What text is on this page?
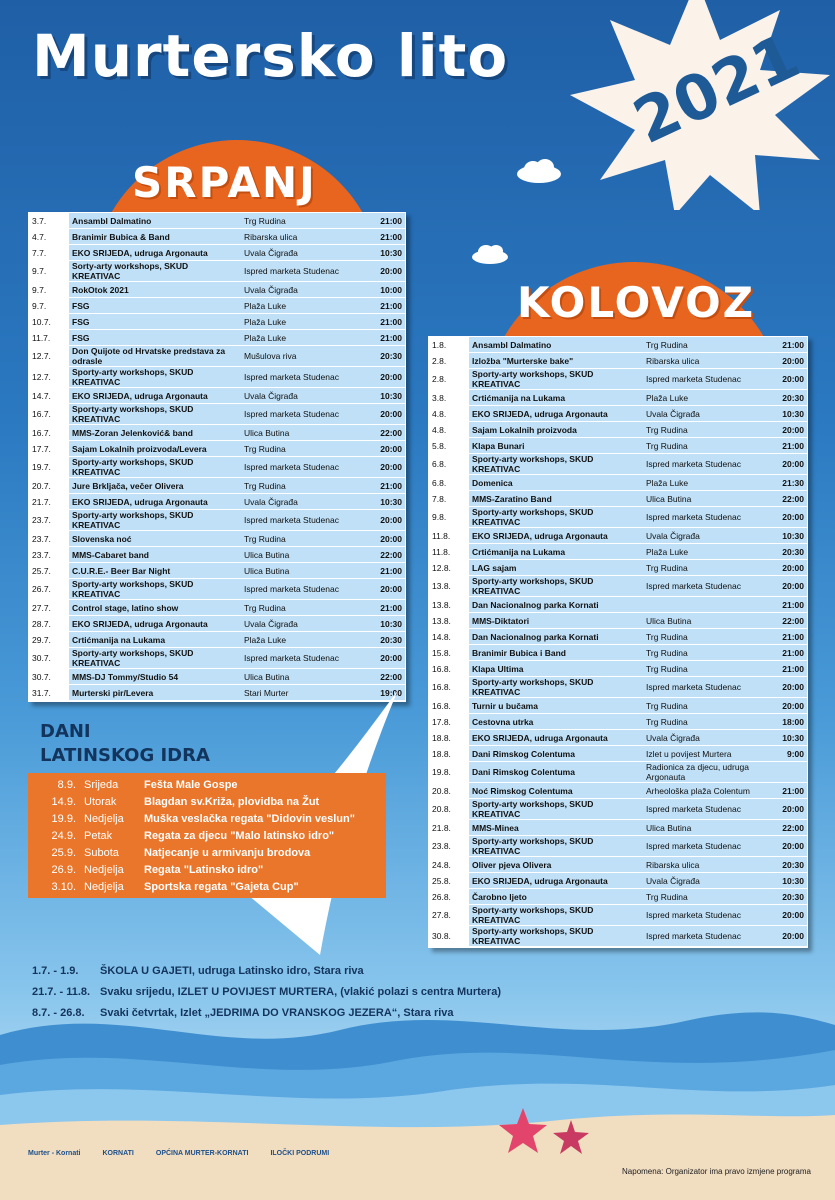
2021
Murtersko lito
SRPANJ
3.7.	Ansambl Dalmatino	Trg Rudina	21:00
4.7.	Branimir Bubica & Band	Ribarska ulica	21:00
7.7.	EKO SRIJEDA, udruga Argonauta	Uvala Čigrađa	10:30
9.7.	Sorty-arty workshops, SKUD KREATIVAC	Ispred marketa Studenac	20:00
9.7.	RokOtok 2021	Uvala Čigrađa	10:00
9.7.	FSG	Plaža Luke	21:00
10.7.	FSG	Plaža Luke	21:00
11.7.	FSG	Plaža Luke	21:00
12.7.	Don Quijote od Hrvatske predstava za odrasle	Mušulova riva	20:30
12.7.	Sporty-arty workshops, SKUD KREATIVAC	Ispred marketa Studenac	20:00
14.7.	EKO SRIJEDA, udruga Argonauta	Uvala Čigrađa	10:30
16.7.	Sporty-arty workshops, SKUD KREATIVAC	Ispred marketa Studenac	20:00
16.7.	MMS-Zoran Jelenković& band	Ulica Butina	22:00
17.7.	Sajam Lokalnih proizvoda/Levera	Trg Rudina	20:00
19.7.	Sporty-arty workshops, SKUD KREATIVAC	Ispred marketa Studenac	20:00
20.7.	Jure Brkljača, večer Olivera	Trg Rudina	21:00
21.7.	EKO SRIJEDA, udruga Argonauta	Uvala Čigrađa	10:30
23.7.	Sporty-arty workshops, SKUD KREATIVAC	Ispred marketa Studenac	20:00
23.7.	Slovenska noć	Trg Rudina	20:00
23.7.	MMS-Cabaret band	Ulica Butina	22:00
25.7.	C.U.R.E.- Beer Bar Night	Ulica Butina	21:00
26.7.	Sporty-arty workshops, SKUD KREATIVAC	Ispred marketa Studenac	20:00
27.7.	Control stage, latino show	Trg Rudina	21:00
28.7.	EKO SRIJEDA, udruga Argonauta	Uvala Čigrađa	10:30
29.7.	Crtićmanija na Lukama	Plaža Luke	20:30
30.7.	Sporty-arty workshops, SKUD KREATIVAC	Ispred marketa Studenac	20:00
30.7.	MMS-DJ Tommy/Studio 54	Ulica Butina	22:00
31.7.	Murterski pir/Levera	Stari Murter	19:00
KOLOVOZ
1.8.	Ansambl Dalmatino	Trg Rudina	21:00
2.8.	Izložba "Murterske bake"	Ribarska ulica	20:00
2.8.	Sporty-arty workshops, SKUD KREATIVAC	Ispred marketa Studenac	20:00
3.8.	Crtićmanija na Lukama	Plaža Luke	20:30
4.8.	EKO SRIJEDA, udruga Argonauta	Uvala Čigrađa	10:30
4.8.	Sajam Lokalnih proizvoda	Trg Rudina	20:00
5.8.	Klapa Bunari	Trg Rudina	21:00
6.8.	Sporty-arty workshops, SKUD KREATIVAC	Ispred marketa Studenac	20:00
6.8.	Domenica	Plaža Luke	21:30
7.8.	MMS-Zaratino Band	Ulica Butina	22:00
9.8.	Sporty-arty workshops, SKUD KREATIVAC	Ispred marketa Studenac	20:00
11.8.	EKO SRIJEDA, udruga Argonauta	Uvala Čigrađa	10:30
11.8.	Crtićmanija na Lukama	Plaža Luke	20:30
12.8.	LAG sajam	Trg Rudina	20:00
13.8.	Sporty-arty workshops, SKUD KREATIVAC	Ispred marketa Studenac	20:00
13.8.	Dan Nacionalnog parka Kornati		21:00
13.8.	MMS-Diktatori	Ulica Butina	22:00
14.8.	Dan Nacionalnog parka Kornati	Trg Rudina	21:00
15.8.	Branimir Bubica i Band	Trg Rudina	21:00
16.8.	Klapa Ultima	Trg Rudina	21:00
16.8.	Sporty-arty workshops, SKUD KREATIVAC	Ispred marketa Studenac	20:00
16.8.	Turnir u bučama	Trg Rudina	20:00
17.8.	Cestovna utrka	Trg Rudina	18:00
18.8.	EKO SRIJEDA, udruga Argonauta	Uvala Čigrađa	10:30
18.8.	Dani Rimskog Colentuma	Izlet u povijest Murtera	9:00
19.8.	Dani Rimskog Colentuma	Radionica za djecu, udruga Argonauta	
20.8.	Noć Rimskog Colentuma	Arheološka plaža Colentum	21:00
20.8.	Sporty-arty workshops, SKUD KREATIVAC	Ispred marketa Studenac	20:00
21.8.	MMS-Minea	Ulica Butina	22:00
23.8.	Sporty-arty workshops, SKUD KREATIVAC	Ispred marketa Studenac	20:00
24.8.	Oliver pjeva Olivera	Ribarska ulica	20:30
25.8.	EKO SRIJEDA, udruga Argonauta	Uvala Čigrađa	10:30
26.8.	Čarobno ljeto	Trg Rudina	20:30
27.8.	Sporty-arty workshops, SKUD KREATIVAC	Ispred marketa Studenac	20:00
30.8.	Sporty-arty workshops, SKUD KREATIVAC	Ispred marketa Studenac	20:00
DANI
LATINSKOG IDRA
8.9. Srijeda	Fešta Male Gospe
14.9. Utorak	Blagdan sv.Križa, plovidba na Žut
19.9. Nedjelja	Muška veslačka regata "Didovin veslun"
24.9. Petak	Regata za djecu "Malo latinsko idro"
25.9. Subota	Natjecanje u armivanju brodova
26.9. Nedjelja	Regata "Latinsko idro"
3.10. Nedjelja	Sportska regata "Gajeta Cup"
1.7. - 1.9.	ŠKOLA U GAJETI, udruga Latinsko idro, Stara riva
21.7. - 11.8. Svaku srijedu, IZLET U POVIJEST MURTERA, (vlakić polazi s centra Murtera)
8.7. - 26.8.	Svaki četvrtak, Izlet „JEDRIMA DO VRANSKOG JEZERA“, Stara riva
Murter - Kornati	KORNATI	OPĆINA MURTER-KORNATI	ILOČKI PODRUMI
Napomena: Organizator ima pravo izmjene programa
